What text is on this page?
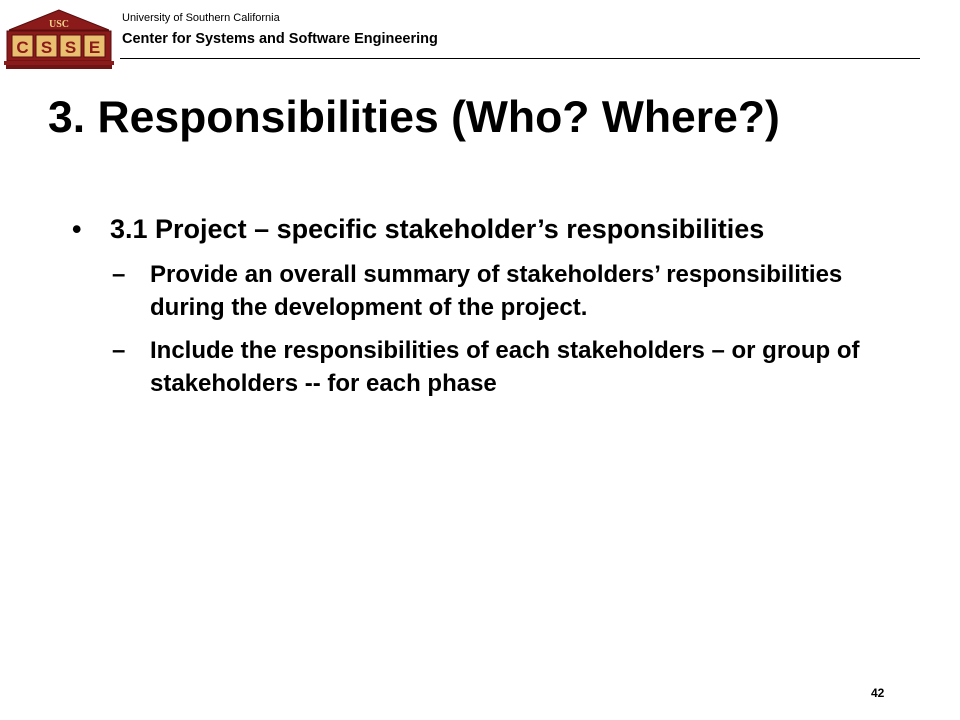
USC
C S S E
University of Southern California
Center for Systems and Software Engineering
3. Responsibilities (Who? Where?)
• 3.1 Project – specific stakeholder’s responsibilities
– Provide an overall summary of stakeholders’ responsibilities during the development of the project.
– Include the responsibilities of each stakeholders – or group of stakeholders -- for each phase
42
